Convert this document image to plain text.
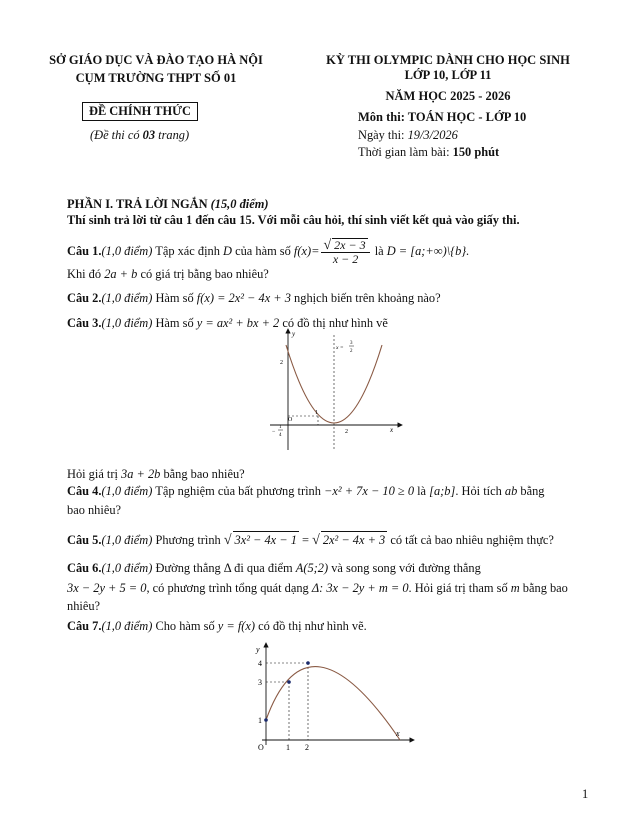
SỞ GIÁO DỤC VÀ ĐÀO TẠO HÀ NỘI
CỤM TRƯỜNG THPT SỐ 01
ĐỀ CHÍNH THỨC
(Đề thi có 03 trang)
KỲ THI OLYMPIC DÀNH CHO HỌC SINH
LỚP 10, LỚP 11
NĂM HỌC 2025 - 2026
Môn thi: TOÁN HỌC - LỚP 10
Ngày thi: 19/3/2026
Thời gian làm bài: 150 phút
PHẦN I. TRẢ LỜI NGẮN (15,0 điểm)
Thí sinh trả lời từ câu 1 đến câu 15. Với mỗi câu hỏi, thí sinh viết kết quả vào giấy thi.
Câu 1.(1,0 điểm) Tập xác định D của hàm số $f(x)= \frac{√ 2x - 3}{x - 2}$ là D = [a;+∞)\{b}.
Khi đó 2a + b có giá trị bằng bao nhiêu?
Câu 2.(1,0 điểm) Hàm số f(x) = 2x² − 4x + 3 nghịch biến trên khoảng nào?
Câu 3.(1,0 điểm) Hàm số y = ax² + bx + 2 có đồ thị như hình vẽ
y
x
2
O
1
2
−
1
4
x =
3
2
Hỏi giá trị 3a + 2b bằng bao nhiêu?
Câu 4.(1,0 điểm) Tập nghiệm của bất phương trình −x² + 7x − 10 ≥ 0 là [a;b]. Hỏi tích ab bằng
bao nhiêu?
Câu 5.(1,0 điểm) Phương trình √ 3x² − 4x − 1 = √ 2x² − 4x + 3 có tất cả bao nhiêu nghiệm thực?
Câu 6.(1,0 điểm) Đường thẳng Δ đi qua điểm A(5;2) và song song với đường thẳng
3x − 2y + 5 = 0, có phương trình tổng quát dạng Δ: 3x − 2y + m = 0. Hỏi giá trị tham số m bằng bao
nhiêu?
Câu 7.(1,0 điểm) Cho hàm số y = f(x) có đồ thị như hình vẽ.
y
x
4
3
1
O	1 2
1
